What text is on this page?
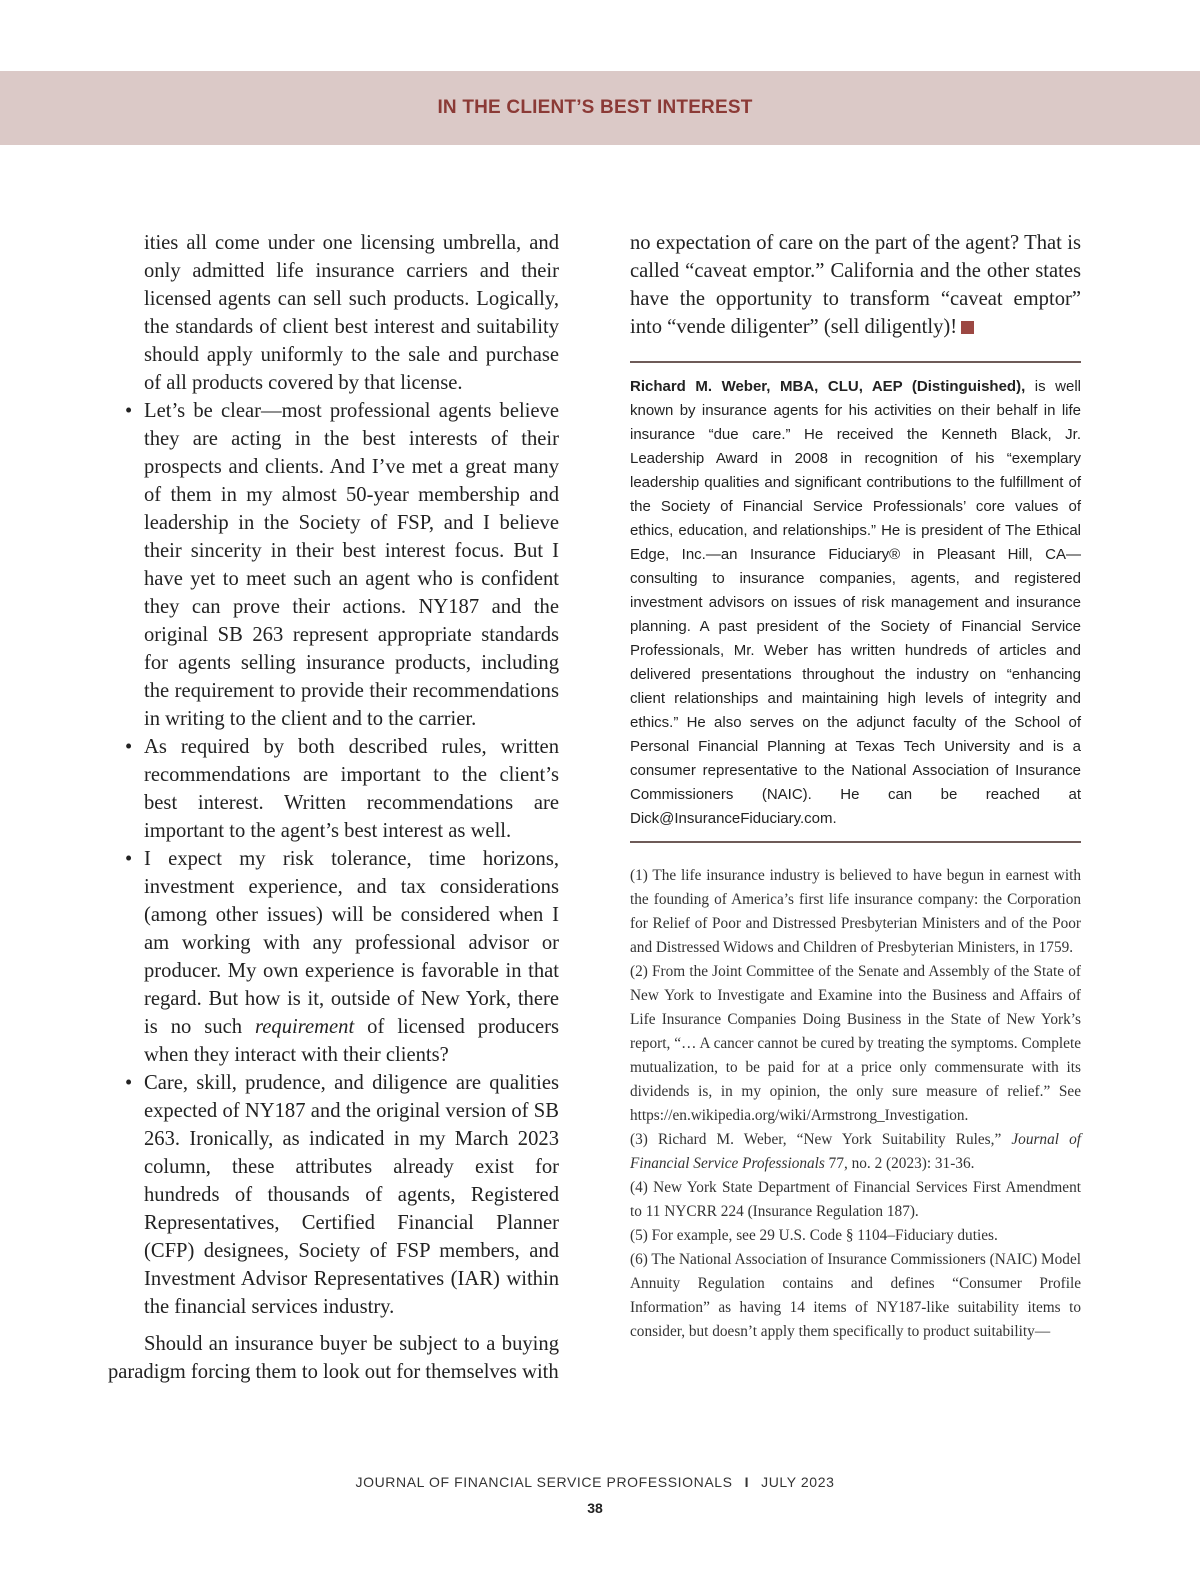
IN THE CLIENT’S BEST INTEREST

ities all come under one licensing umbrella, and only admitted life insurance carriers and their licensed agents can sell such products. Logically, the standards of client best interest and suitability should apply uniformly to the sale and purchase of all products covered by that license.

• Let’s be clear—most professional agents believe they are acting in the best interests of their prospects and clients. And I’ve met a great many of them in my almost 50-year membership and leadership in the Society of FSP, and I believe their sincerity in their best interest focus. But I have yet to meet such an agent who is confident they can prove their actions. NY187 and the original SB 263 represent appropriate standards for agents selling insurance products, including the requirement to provide their recommendations in writing to the client and to the carrier.
• As required by both described rules, written recommendations are important to the client’s best interest. Written recommendations are important to the agent’s best interest as well.
• I expect my risk tolerance, time horizons, investment experience, and tax considerations (among other issues) will be considered when I am working with any professional advisor or producer. My own experience is favorable in that regard. But how is it, outside of New York, there is no such requirement of licensed producers when they interact with their clients?
• Care, skill, prudence, and diligence are qualities expected of NY187 and the original version of SB 263. Ironically, as indicated in my March 2023 column, these attributes already exist for hundreds of thousands of agents, Registered Representatives, Certified Financial Planner (CFP) designees, Society of FSP members, and Investment Advisor Representatives (IAR) within the financial services industry.

Should an insurance buyer be subject to a buying paradigm forcing them to look out for themselves with

no expectation of care on the part of the agent? That is called “caveat emptor.” California and the other states have the opportunity to transform “caveat emptor” into “vende diligenter” (sell diligently)!

Richard M. Weber, MBA, CLU, AEP (Distinguished), is well known by insurance agents for his activities on their behalf in life insurance “due care.” He received the Kenneth Black, Jr. Leadership Award in 2008 in recognition of his “exemplary leadership qualities and significant contributions to the fulfillment of the Society of Financial Service Professionals’ core values of ethics, education, and relationships.” He is president of The Ethical Edge, Inc.—an Insurance Fiduciary® in Pleasant Hill, CA—consulting to insurance companies, agents, and registered investment advisors on issues of risk management and insurance planning. A past president of the Society of Financial Service Professionals, Mr. Weber has written hundreds of articles and delivered presentations throughout the industry on “enhancing client relationships and maintaining high levels of integrity and ethics.” He also serves on the adjunct faculty of the School of Personal Financial Planning at Texas Tech University and is a consumer representative to the National Association of Insurance Commissioners (NAIC). He can be reached at Dick@InsuranceFiduciary.com.

(1) The life insurance industry is believed to have begun in earnest with the founding of America’s first life insurance company: the Corporation for Relief of Poor and Distressed Presbyterian Ministers and of the Poor and Distressed Widows and Children of Presbyterian Ministers, in 1759.

(2) From the Joint Committee of the Senate and Assembly of the State of New York to Investigate and Examine into the Business and Affairs of Life Insurance Companies Doing Business in the State of New York’s report, “… A cancer cannot be cured by treating the symptoms. Complete mutualization, to be paid for at a price only commensurate with its dividends is, in my opinion, the only sure measure of relief.” See https://en.wikipedia.org/wiki/Armstrong_Investigation.

(3) Richard M. Weber, “New York Suitability Rules,” Journal of Financial Service Professionals 77, no. 2 (2023): 31-36.

(4) New York State Department of Financial Services First Amendment to 11 NYCRR 224 (Insurance Regulation 187).

(5) For example, see 29 U.S. Code § 1104–Fiduciary duties.

(6) The National Association of Insurance Commissioners (NAIC) Model Annuity Regulation contains and defines “Consumer Profile Information” as having 14 items of NY187-like suitability items to consider, but doesn’t apply them specifically to product suitability—

JOURNAL OF FINANCIAL SERVICE PROFESSIONALS I JULY 2023
38
